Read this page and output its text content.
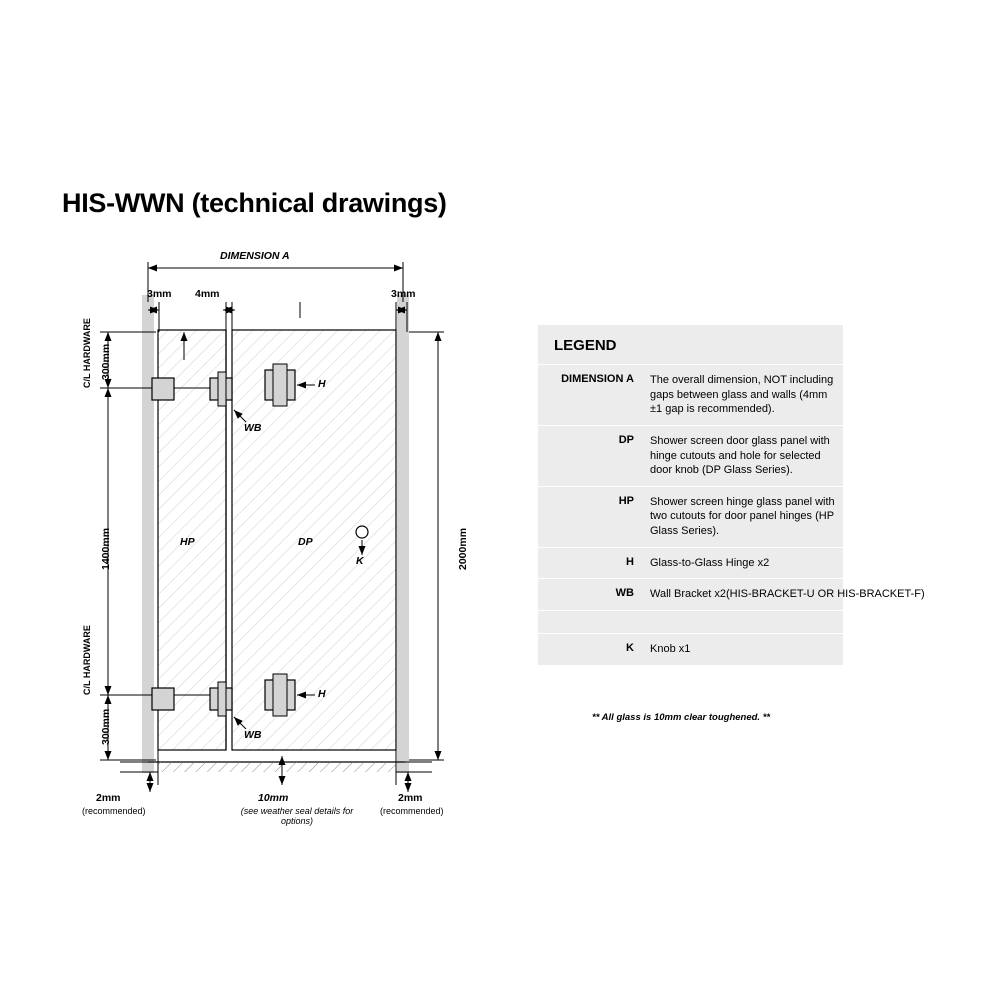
HIS-WWN (technical drawings)
DIMENSION A
3mm 4mm	3mm
2000mm
C/L HARDWARE 300mm
1400mm
C/L HARDWARE
300mm
HP	DP
H
H
WB
WB
K
2mm
(recommended)
10mm
(see weather seal details for options)
2mm
(recommended)
LEGEND
DIMENSION A	The overall dimension, NOT including gaps between glass and walls (4mm ±1 gap is recommended).
DP	Shower screen door glass panel with hinge cutouts and hole for selected door knob (DP Glass Series).
HP	Shower screen hinge glass panel with two cutouts for door panel hinges (HP Glass Series).
H	Glass-to-Glass Hinge x2
WB	Wall Bracket x2(HIS-BRACKET-U OR HIS-BRACKET-F)
K	Knob x1
** All glass is 10mm clear toughened. **
